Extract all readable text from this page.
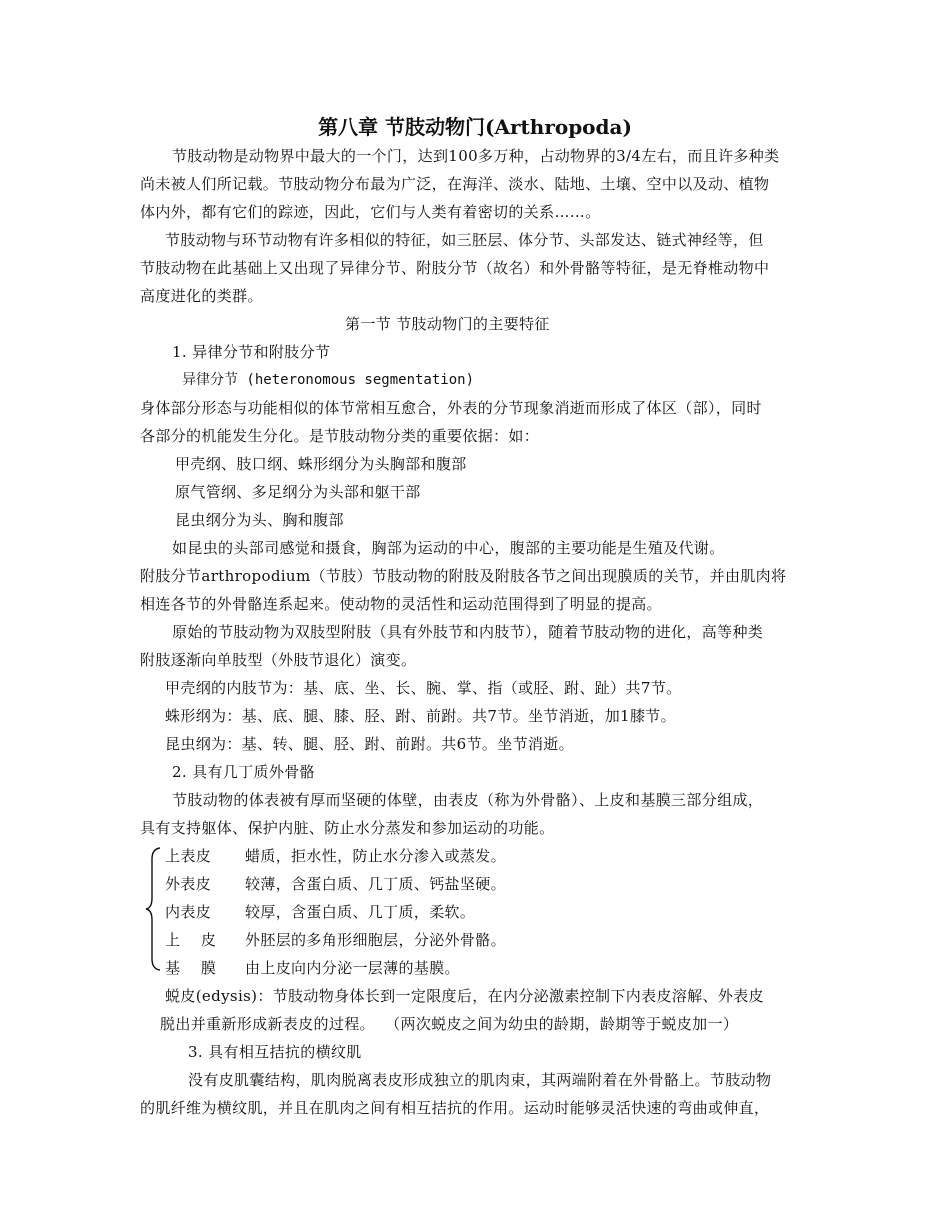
第八章 节肢动物门(Arthropoda)
节肢动物是动物界中最大的一个门，达到100多万种，占动物界的3/4左右，而且许多种类
尚未被人们所记载。节肢动物分布最为广泛，在海洋、淡水、陆地、土壤、空中以及动、植物
体内外，都有它们的踪迹，因此，它们与人类有着密切的关系……。
节肢动物与环节动物有许多相似的特征，如三胚层、体分节、头部发达、链式神经等，但
节肢动物在此基础上又出现了异律分节、附肢分节（故名）和外骨骼等特征，是无脊椎动物中
高度进化的类群。
第一节 节肢动物门的主要特征
1. 异律分节和附肢分节
异律分节 (heteronomous segmentation)
身体部分形态与功能相似的体节常相互愈合，外表的分节现象消逝而形成了体区（部），同时
各部分的机能发生分化。是节肢动物分类的重要依据：如：
甲壳纲、肢口纲、蛛形纲分为头胸部和腹部
原气管纲、多足纲分为头部和躯干部
昆虫纲分为头、胸和腹部
如昆虫的头部司感觉和摄食，胸部为运动的中心，腹部的主要功能是生殖及代谢。
附肢分节arthropodium（节肢）节肢动物的附肢及附肢各节之间出现膜质的关节，并由肌肉将
相连各节的外骨骼连系起来。使动物的灵活性和运动范围得到了明显的提高。
原始的节肢动物为双肢型附肢（具有外肢节和内肢节），随着节肢动物的进化，高等种类
附肢逐渐向单肢型（外肢节退化）演变。
甲壳纲的内肢节为：基、底、坐、长、腕、掌、指（或胫、跗、趾）共7节。
蛛形纲为：基、底、腿、膝、胫、跗、前跗。共7节。坐节消逝，加1膝节。
昆虫纲为：基、转、腿、胫、跗、前跗。共6节。坐节消逝。
2. 具有几丁质外骨骼
节肢动物的体表被有厚而坚硬的体壁，由表皮（称为外骨骼）、上皮和基膜三部分组成，
具有支持躯体、保护内脏、防止水分蒸发和参加运动的功能。
上表皮 蜡质，拒水性，防止水分渗入或蒸发。
外表皮 较薄，含蛋白质、几丁质、钙盐坚硬。
内表皮 较厚，含蛋白质、几丁质，柔软。
上    皮 外胚层的多角形细胞层，分泌外骨骼。
基    膜 由上皮向内分泌一层薄的基膜。
蜕皮(edysis)：节肢动物身体长到一定限度后，在内分泌激素控制下内表皮溶解、外表皮
脱出并重新形成新表皮的过程。  （两次蜕皮之间为幼虫的龄期，龄期等于蜕皮加一）
3. 具有相互拮抗的横纹肌
没有皮肌囊结构，肌肉脱离表皮形成独立的肌肉束，其两端附着在外骨骼上。节肢动物
的肌纤维为横纹肌，并且在肌肉之间有相互拮抗的作用。运动时能够灵活快速的弯曲或伸直，
